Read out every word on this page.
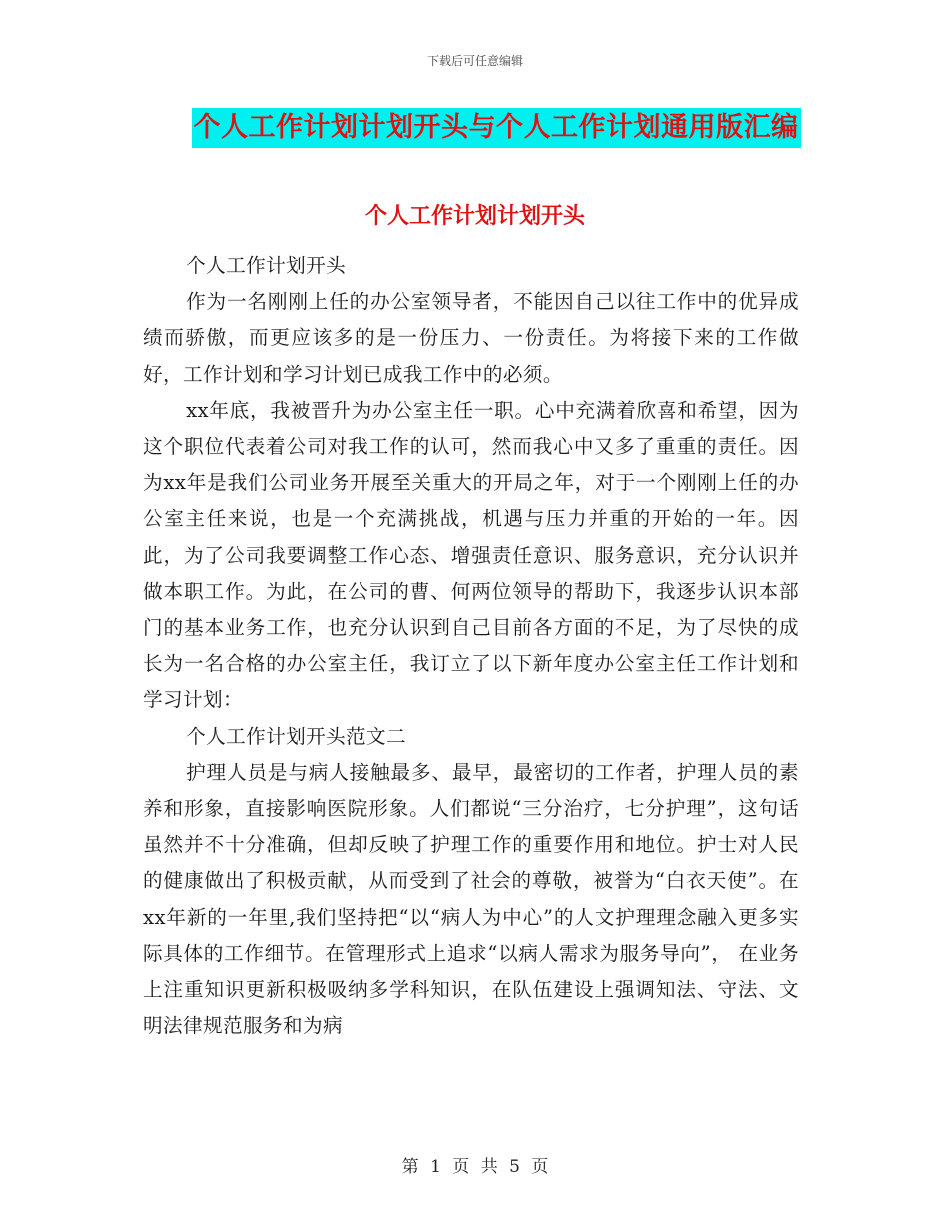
下载后可任意编辑
个人工作计划计划开头与个人工作计划通用版汇编
个人工作计划计划开头

个人工作计划开头

作为一名刚刚上任的办公室领导者，不能因自己以往工作中的优异成绩而骄傲，而更应该多的是一份压力、一份责任。为将接下来的工作做好，工作计划和学习计划已成我工作中的必须。

xx年底，我被晋升为办公室主任一职。心中充满着欣喜和希望，因为这个职位代表着公司对我工作的认可，然而我心中又多了重重的责任。因为xx年是我们公司业务开展至关重大的开局之年，对于一个刚刚上任的办公室主任来说，也是一个充满挑战，机遇与压力并重的开始的一年。因此，为了公司我要调整工作心态、增强责任意识、服务意识，充分认识并做本职工作。为此，在公司的曹、何两位领导的帮助下，我逐步认识本部门的基本业务工作，也充分认识到自己目前各方面的不足，为了尽快的成长为一名合格的办公室主任，我订立了以下新年度办公室主任工作计划和学习计划：

个人工作计划开头范文二

护理人员是与病人接触最多、最早，最密切的工作者，护理人员的素养和形象，直接影响医院形象。人们都说“三分治疗，七分护理”，这句话虽然并不十分准确，但却反映了护理工作的重要作用和地位。护士对人民的健康做出了积极贡献，从而受到了社会的尊敬，被誉为“白衣天使”。在xx年新的一年里,我们坚持把“以“病人为中心”的人文护理理念融入更多实际具体的工作细节。在管理形式上追求“以病人需求为服务导向”， 在业务上注重知识更新积极吸纳多学科知识，在队伍建设上强调知法、守法、文明法律规范服务和为病

第 1 页 共 5 页
